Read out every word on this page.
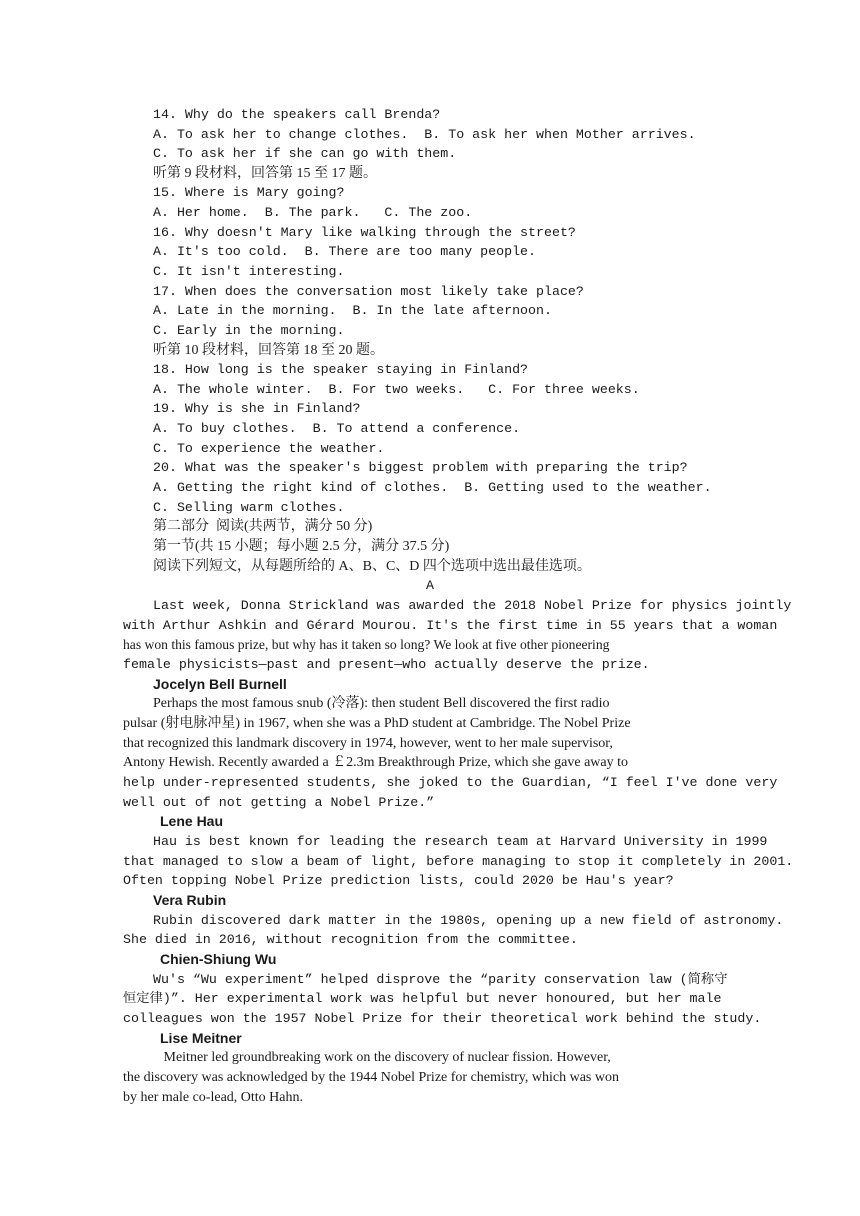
14. Why do the speakers call Brenda?
A. To ask her to change clothes.  B. To ask her when Mother arrives.
C. To ask her if she can go with them.
听第 9 段材料，回答第 15 至 17 题。
15. Where is Mary going?
A. Her home.  B. The park.   C. The zoo.
16. Why doesn't Mary like walking through the street?
A. It's too cold.  B. There are too many people.
C. It isn't interesting.
17. When does the conversation most likely take place?
A. Late in the morning.  B. In the late afternoon.
C. Early in the morning.
听第 10 段材料，回答第 18 至 20 题。
18. How long is the speaker staying in Finland?
A. The whole winter.  B. For two weeks.   C. For three weeks.
19. Why is she in Finland?
A. To buy clothes.  B. To attend a conference.
C. To experience the weather.
20. What was the speaker's biggest problem with preparing the trip?
A. Getting the right kind of clothes.  B. Getting used to the weather.
C. Selling warm clothes.
第二部分  阅读(共两节，满分 50 分)
第一节(共 15 小题；每小题 2.5 分，满分 37.5 分)
阅读下列短文，从每题所给的 A、B、C、D 四个选项中选出最佳选项。
A
Last week, Donna Strickland was awarded the 2018 Nobel Prize for physics jointly
with Arthur Ashkin and Gérard Mourou. It's the first time in 55 years that a woman
has won this famous prize, but why has it taken so long? We look at five other pioneering
female physicists—past and present—who actually deserve the prize.
Jocelyn Bell Burnell
Perhaps the most famous snub (冷落): then student Bell discovered the first radio
pulsar (射电脉冲星) in 1967, when she was a PhD student at Cambridge. The Nobel Prize
that recognized this landmark discovery in 1974, however, went to her male supervisor,
Antony Hewish. Recently awarded a ￡2.3m Breakthrough Prize, which she gave away to
help under-represented students, she joked to the Guardian, “I feel I've done very
well out of not getting a Nobel Prize.”
Lene Hau
Hau is best known for leading the research team at Harvard University in 1999
that managed to slow a beam of light, before managing to stop it completely in 2001.
Often topping Nobel Prize prediction lists, could 2020 be Hau's year?
Vera Rubin
Rubin discovered dark matter in the 1980s, opening up a new field of astronomy.
She died in 2016, without recognition from the committee.
Chien-Shiung Wu
Wu's “Wu experiment” helped disprove the “parity conservation law (简称守
恒定律)”. Her experimental work was helpful but never honoured, but her male
colleagues won the 1957 Nobel Prize for their theoretical work behind the study.
Lise Meitner
Meitner led groundbreaking work on the discovery of nuclear fission. However,
the discovery was acknowledged by the 1944 Nobel Prize for chemistry, which was won
by her male co-lead, Otto Hahn.
